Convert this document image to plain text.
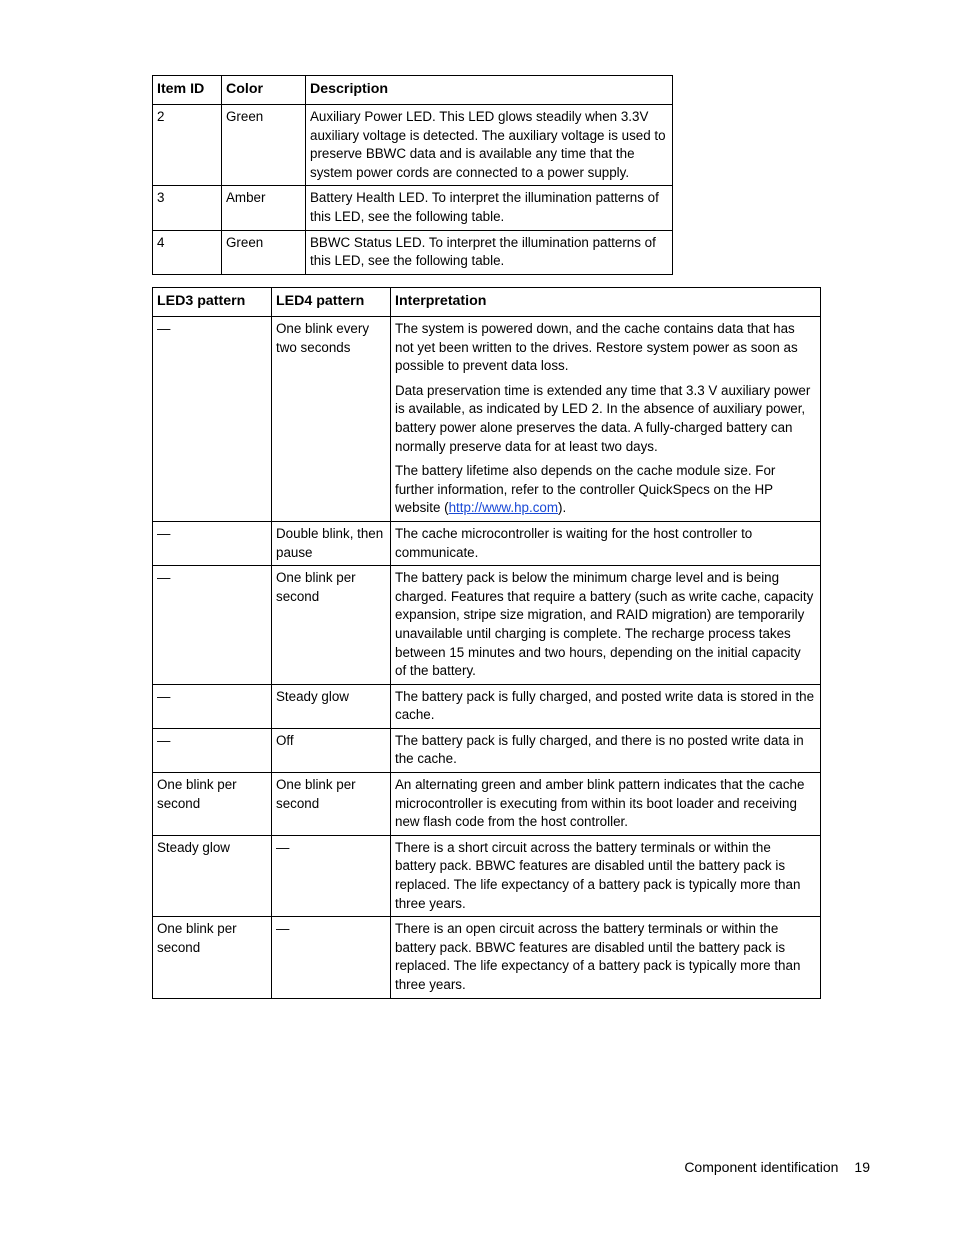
Item ID	Color	Description
2	Green	Auxiliary Power LED. This LED glows steadily when 3.3V auxiliary voltage is detected. The auxiliary voltage is used to preserve BBWC data and is available any time that the system power cords are connected to a power supply.
3	Amber	Battery Health LED. To interpret the illumination patterns of this LED, see the following table.
4	Green	BBWC Status LED. To interpret the illumination patterns of this LED, see the following table.
LED3 pattern	LED4 pattern	Interpretation
—	One blink every two seconds	The system is powered down, and the cache contains data that has not yet been written to the drives. Restore system power as soon as possible to prevent data loss.

Data preservation time is extended any time that 3.3 V auxiliary power is available, as indicated by LED 2. In the absence of auxiliary power, battery power alone preserves the data. A fully-charged battery can normally preserve data for at least two days.

The battery lifetime also depends on the cache module size. For further information, refer to the controller QuickSpecs on the HP website (http://www.hp.com).

—	Double blink, then pause	The cache microcontroller is waiting for the host controller to communicate.
—	One blink per second	The battery pack is below the minimum charge level and is being charged. Features that require a battery (such as write cache, capacity expansion, stripe size migration, and RAID migration) are temporarily unavailable until charging is complete. The recharge process takes between 15 minutes and two hours, depending on the initial capacity of the battery.
—	Steady glow	The battery pack is fully charged, and posted write data is stored in the cache.
—	Off	The battery pack is fully charged, and there is no posted write data in the cache.
One blink per second	One blink per second	An alternating green and amber blink pattern indicates that the cache microcontroller is executing from within its boot loader and receiving new flash code from the host controller.
Steady glow	—	There is a short circuit across the battery terminals or within the battery pack. BBWC features are disabled until the battery pack is replaced. The life expectancy of a battery pack is typically more than three years.
One blink per second	—	There is an open circuit across the battery terminals or within the battery pack. BBWC features are disabled until the battery pack is replaced. The life expectancy of a battery pack is typically more than three years.
Component identification 19
